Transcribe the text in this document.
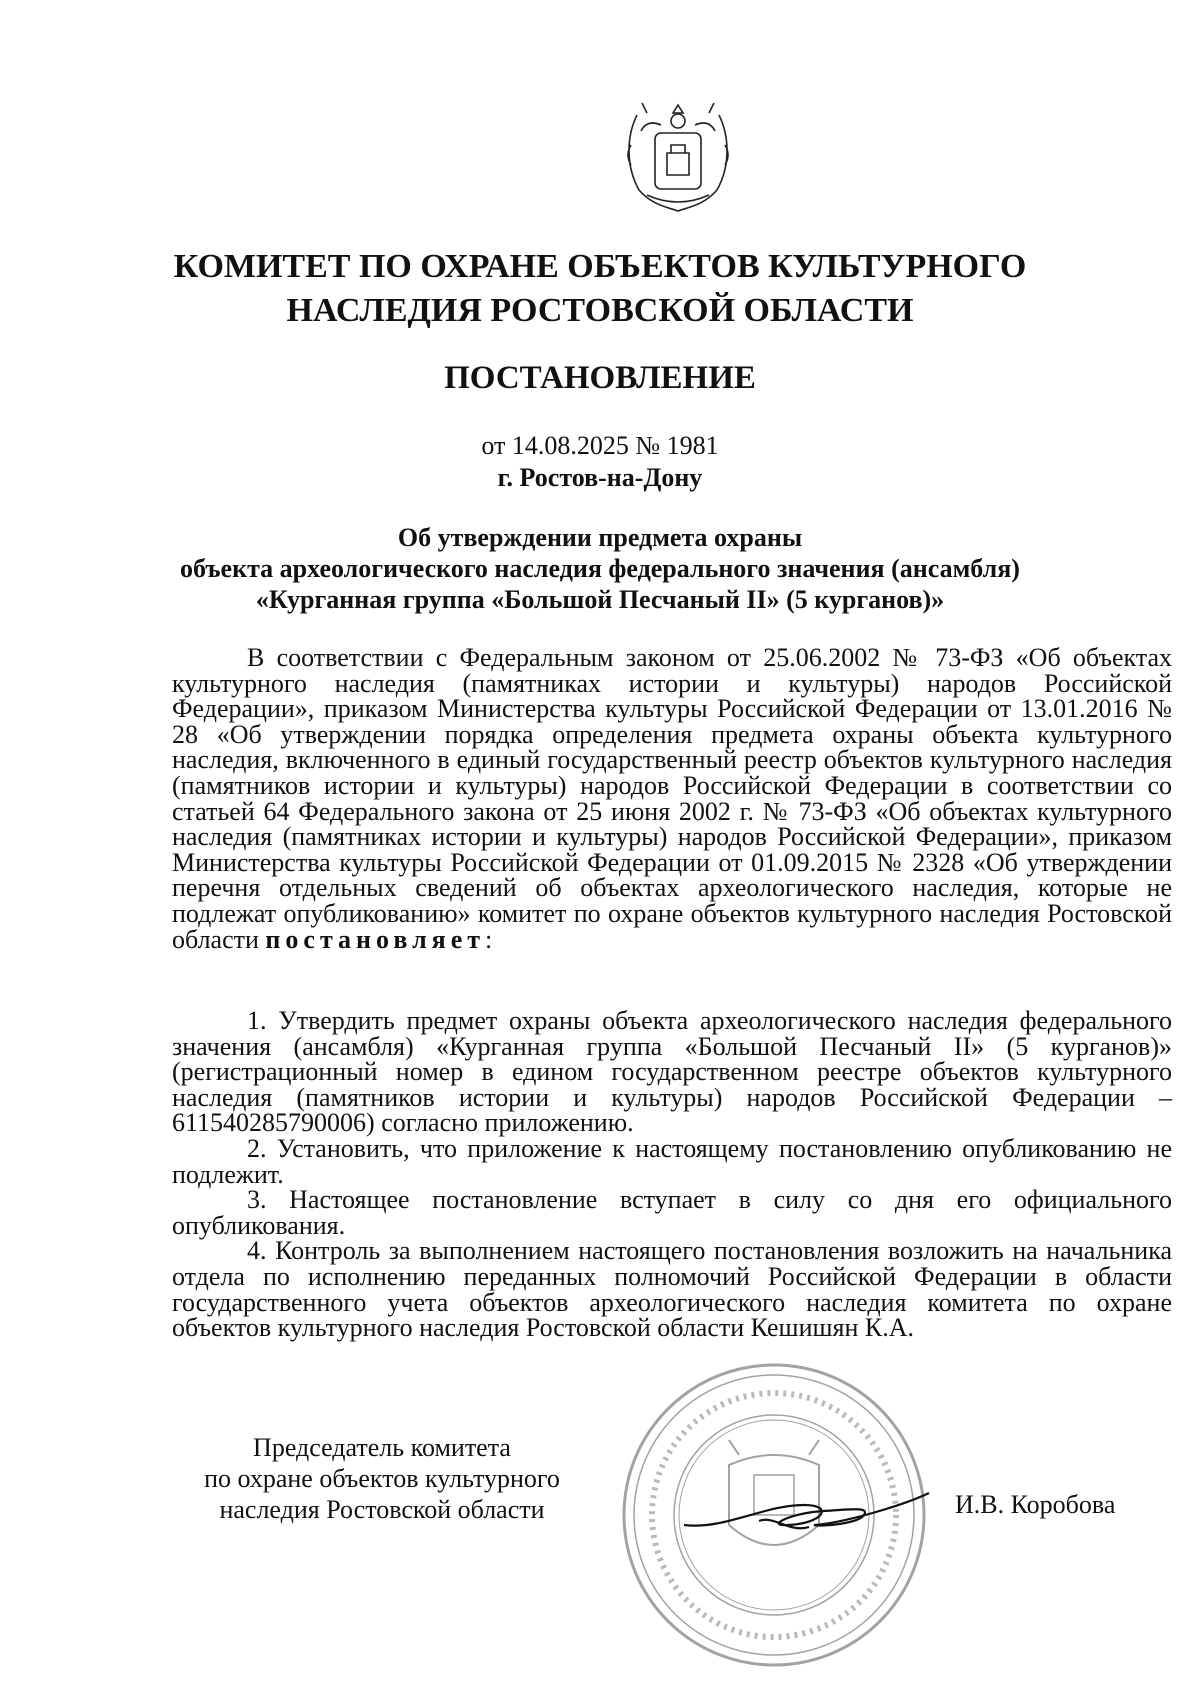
КОМИТЕТ ПО ОХРАНЕ ОБЪЕКТОВ КУЛЬТУРНОГО
НАСЛЕДИЯ РОСТОВСКОЙ ОБЛАСТИ
ПОСТАНОВЛЕНИЕ
от 14.08.2025 № 1981
г. Ростов-на-Дону
Об утверждении предмета охраны
объекта археологического наследия федерального значения (ансамбля)
«Курганная группа «Большой Песчаный II» (5 курганов)»
В соответствии с Федеральным законом от 25.06.2002 № 73-ФЗ «Об объектах культурного наследия (памятниках истории и культуры) народов Российской Федерации», приказом Министерства культуры Российской Федерации от 13.01.2016 № 28 «Об утверждении порядка определения предмета охраны объекта культурного наследия, включенного в единый государственный реестр объектов культурного наследия (памятников истории и культуры) народов Российской Федерации в соответствии со статьей 64 Федерального закона от 25 июня 2002 г. № 73-ФЗ «Об объектах культурного наследия (памятниках истории и культуры) народов Российской Федерации», приказом Министерства культуры Российской Федерации от 01.09.2015 № 2328 «Об утверждении перечня отдельных сведений об объектах археологического наследия, которые не подлежат опубликованию» комитет по охране объектов культурного наследия Ростовской области постановляет:
1. Утвердить предмет охраны объекта археологического наследия федерального значения (ансамбля) «Курганная группа «Большой Песчаный II» (5 курганов)» (регистрационный номер в едином государственном реестре объектов культурного наследия (памятников истории и культуры) народов Российской Федерации – 611540285790006) согласно приложению.
2. Установить, что приложение к настоящему постановлению опубликованию не подлежит.
3. Настоящее постановление вступает в силу со дня его официального опубликования.
4. Контроль за выполнением настоящего постановления возложить на начальника отдела по исполнению переданных полномочий Российской Федерации в области государственного учета объектов археологического наследия комитета по охране объектов культурного наследия Ростовской области Кешишян К.А.
Председатель комитета
по охране объектов культурного
наследия Ростовской области	И.В. Коробова
